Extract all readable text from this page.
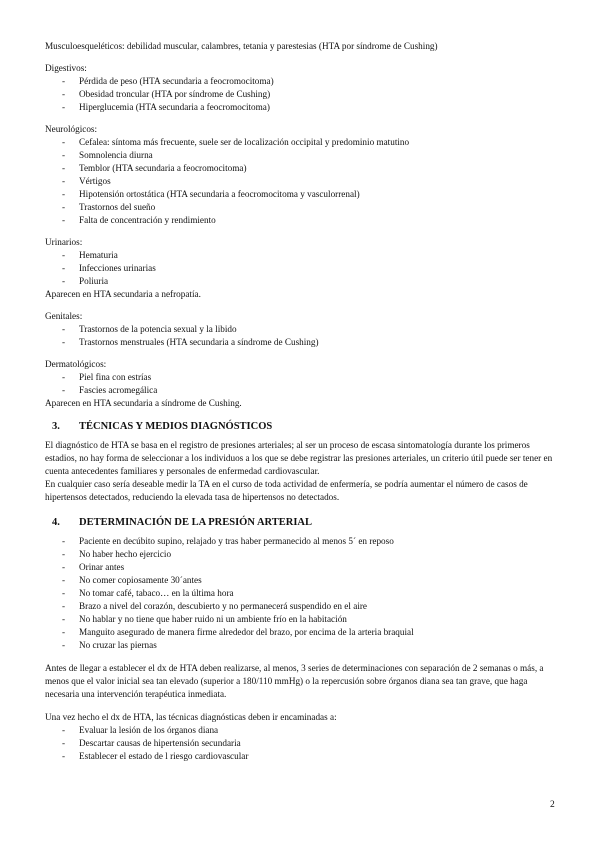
Musculoesqueléticos: debilidad muscular, calambres, tetania y parestesias (HTA por síndrome de Cushing)
Digestivos:
- Pérdida de peso (HTA secundaria a feocromocitoma)
- Obesidad troncular (HTA por síndrome de Cushing)
- Hiperglucemia (HTA secundaria a feocromocitoma)
Neurológicos:
- Cefalea: síntoma más frecuente, suele ser de localización occipital y predominio matutino
- Somnolencia diurna
- Temblor (HTA secundaria a feocromocitoma)
- Vértigos
- Hipotensión ortostática (HTA secundaria a feocromocitoma y vasculorrenal)
- Trastornos del sueño
- Falta de concentración y rendimiento
Urinarios:
- Hematuria
- Infecciones urinarias
- Poliuria
Aparecen en HTA secundaria a nefropatía.
Genitales:
- Trastornos de la potencia sexual y la libido
- Trastornos menstruales (HTA secundaria a síndrome de Cushing)
Dermatológicos:
- Piel fina con estrías
- Fascies acromegálica
Aparecen en HTA secundaria a síndrome de Cushing.
3. TÉCNICAS Y MEDIOS DIAGNÓSTICOS
El diagnóstico de HTA se basa en el registro de presiones arteriales; al ser un proceso de escasa sintomatología durante los primeros estadios, no hay forma de seleccionar a los individuos a los que se debe registrar las presiones arteriales, un criterio útil puede ser tener en cuenta antecedentes familiares y personales de enfermedad cardiovascular.
En cualquier caso sería deseable medir la TA en el curso de toda actividad de enfermería, se podría aumentar el número de casos de hipertensos detectados, reduciendo la elevada tasa de hipertensos no detectados.
4. DETERMINACIÓN DE LA PRESIÓN ARTERIAL
- Paciente en decúbito supino, relajado y tras haber permanecido al menos 5´ en reposo
- No haber hecho ejercicio
- Orinar antes
- No comer copiosamente 30´antes
- No tomar café, tabaco… en la última hora
- Brazo a nivel del corazón, descubierto y no permanecerá suspendido en el aire
- No hablar y no tiene que haber ruido ni un ambiente frío en la habitación
- Manguito asegurado de manera firme alrededor del brazo, por encima de la arteria braquial
- No cruzar las piernas
Antes de llegar a establecer el dx de HTA deben realizarse, al menos, 3 series de determinaciones con separación de 2 semanas o más, a menos que el valor inicial sea tan elevado (superior a 180/110 mmHg) o la repercusión sobre órganos diana sea tan grave, que haga necesaria una intervención terapéutica inmediata.
Una vez hecho el dx de HTA, las técnicas diagnósticas deben ir encaminadas a:
- Evaluar la lesión de los órganos diana
- Descartar causas de hipertensión secundaria
- Establecer el estado de l riesgo cardiovascular
2
